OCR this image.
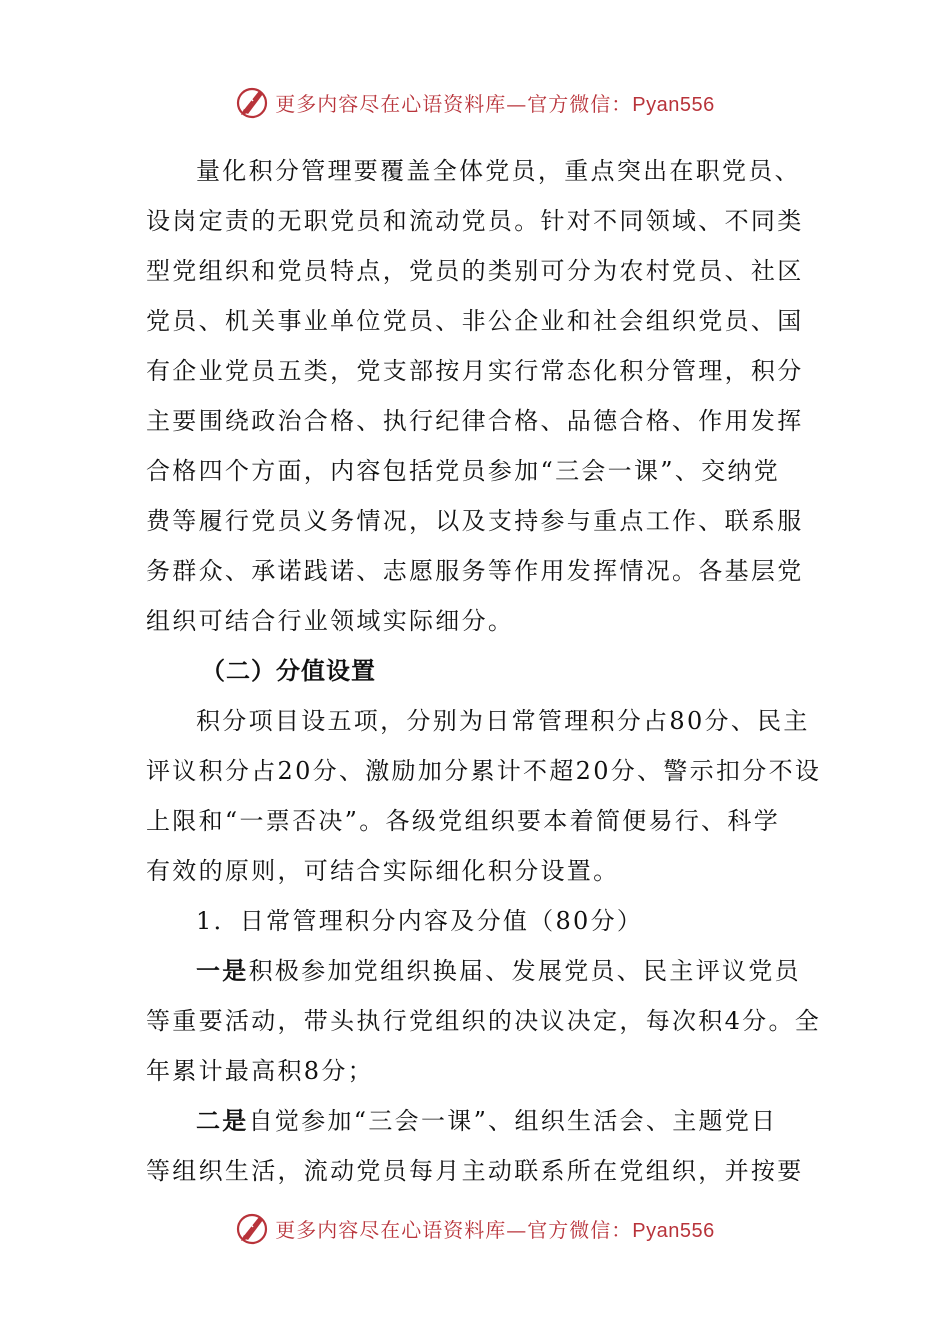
更多内容尽在心语资料库—官方微信：Pyan556
量化积分管理要覆盖全体党员，重点突出在职党员、
设岗定责的无职党员和流动党员。针对不同领域、不同类
型党组织和党员特点，党员的类别可分为农村党员、社区
党员、机关事业单位党员、非公企业和社会组织党员、国
有企业党员五类，党支部按月实行常态化积分管理，积分
主要围绕政治合格、执行纪律合格、品德合格、作用发挥
合格四个方面，内容包括党员参加“三会一课”、交纳党
费等履行党员义务情况，以及支持参与重点工作、联系服
务群众、承诺践诺、志愿服务等作用发挥情况。各基层党
组织可结合行业领域实际细分。
（二）分值设置
积分项目设五项，分别为日常管理积分占80分、民主
评议积分占20分、激励加分累计不超20分、警示扣分不设
上限和“一票否决”。各级党组织要本着简便易行、科学
有效的原则，可结合实际细化积分设置。
1．日常管理积分内容及分值（80分）
一是积极参加党组织换届、发展党员、民主评议党员
等重要活动，带头执行党组织的决议决定，每次积4分。全
年累计最高积8分；
二是自觉参加“三会一课”、组织生活会、主题党日
等组织生活，流动党员每月主动联系所在党组织，并按要
更多内容尽在心语资料库—官方微信：Pyan556
